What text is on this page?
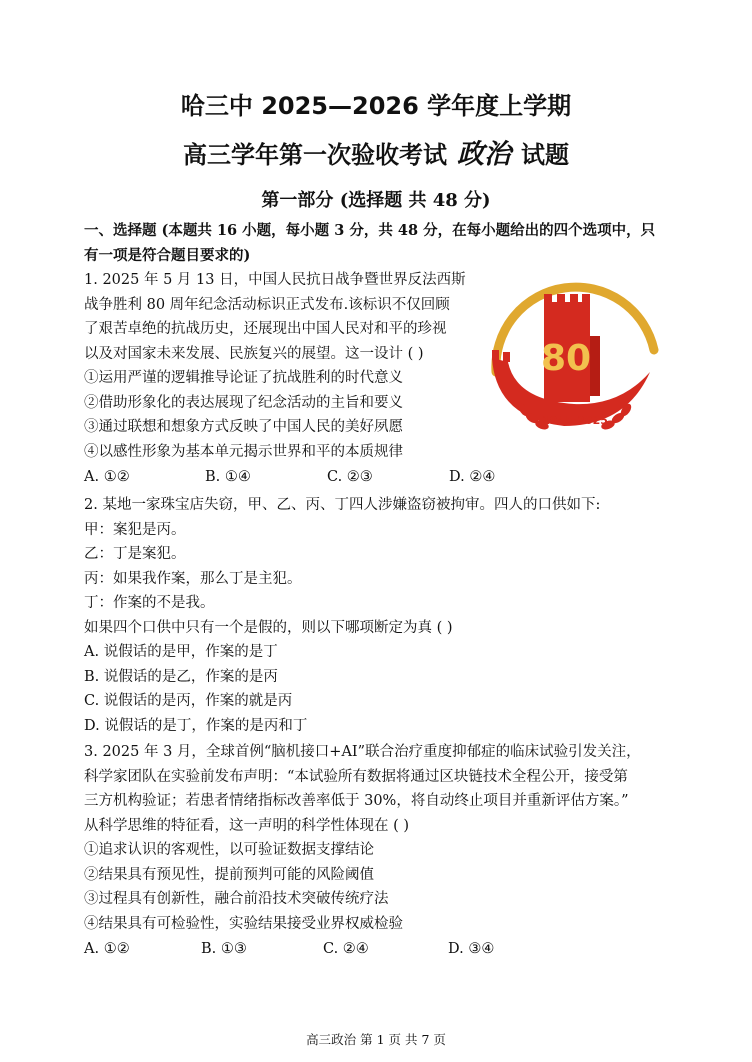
哈三中 2025—2026 学年度上学期
高三学年第一次验收考试 政治 试题
第一部分 (选择题 共 48 分)
一、选择题 (本题共 16 小题，每小题 3 分，共 48 分，在每小题给出的四个选项中，只
有一项是符合题目要求的)
1. 2025 年 5 月 13 日，中国人民抗日战争暨世界反法西斯
战争胜利 80 周年纪念活动标识正式发布.该标识不仅回顾
了艰苦卓绝的抗战历史，还展现出中国人民对和平的珍视
以及对国家未来发展、民族复兴的展望。这一设计 ( )
①运用严谨的逻辑推导论证了抗战胜利的时代意义
②借助形象化的表达展现了纪念活动的主旨和要义
③通过联想和想象方式反映了中国人民的美好夙愿
④以感性形象为基本单元揭示世界和平的本质规律
A. ①②	B. ①④	C. ②③	D. ②④
80
1945-2025
2. 某地一家珠宝店失窃，甲、乙、丙、丁四人涉嫌盗窃被拘审。四人的口供如下:
甲：案犯是丙。
乙：丁是案犯。
丙：如果我作案，那么丁是主犯。
丁：作案的不是我。
如果四个口供中只有一个是假的，则以下哪项断定为真 ( )
A. 说假话的是甲，作案的是丁
B. 说假话的是乙，作案的是丙
C. 说假话的是丙，作案的就是丙
D. 说假话的是丁，作案的是丙和丁
3. 2025 年 3 月，全球首例“脑机接口+AI”联合治疗重度抑郁症的临床试验引发关注，
科学家团队在实验前发布声明：“本试验所有数据将通过区块链技术全程公开，接受第
三方机构验证；若患者情绪指标改善率低于 30%，将自动终止项目并重新评估方案。”
从科学思维的特征看，这一声明的科学性体现在 ( )
①追求认识的客观性，以可验证数据支撑结论
②结果具有预见性，提前预判可能的风险阈值
③过程具有创新性，融合前沿技术突破传统疗法
④结果具有可检验性，实验结果接受业界权威检验
A. ①②	B. ①③	C. ②④	D. ③④
高三政治 第 1 页 共 7 页
